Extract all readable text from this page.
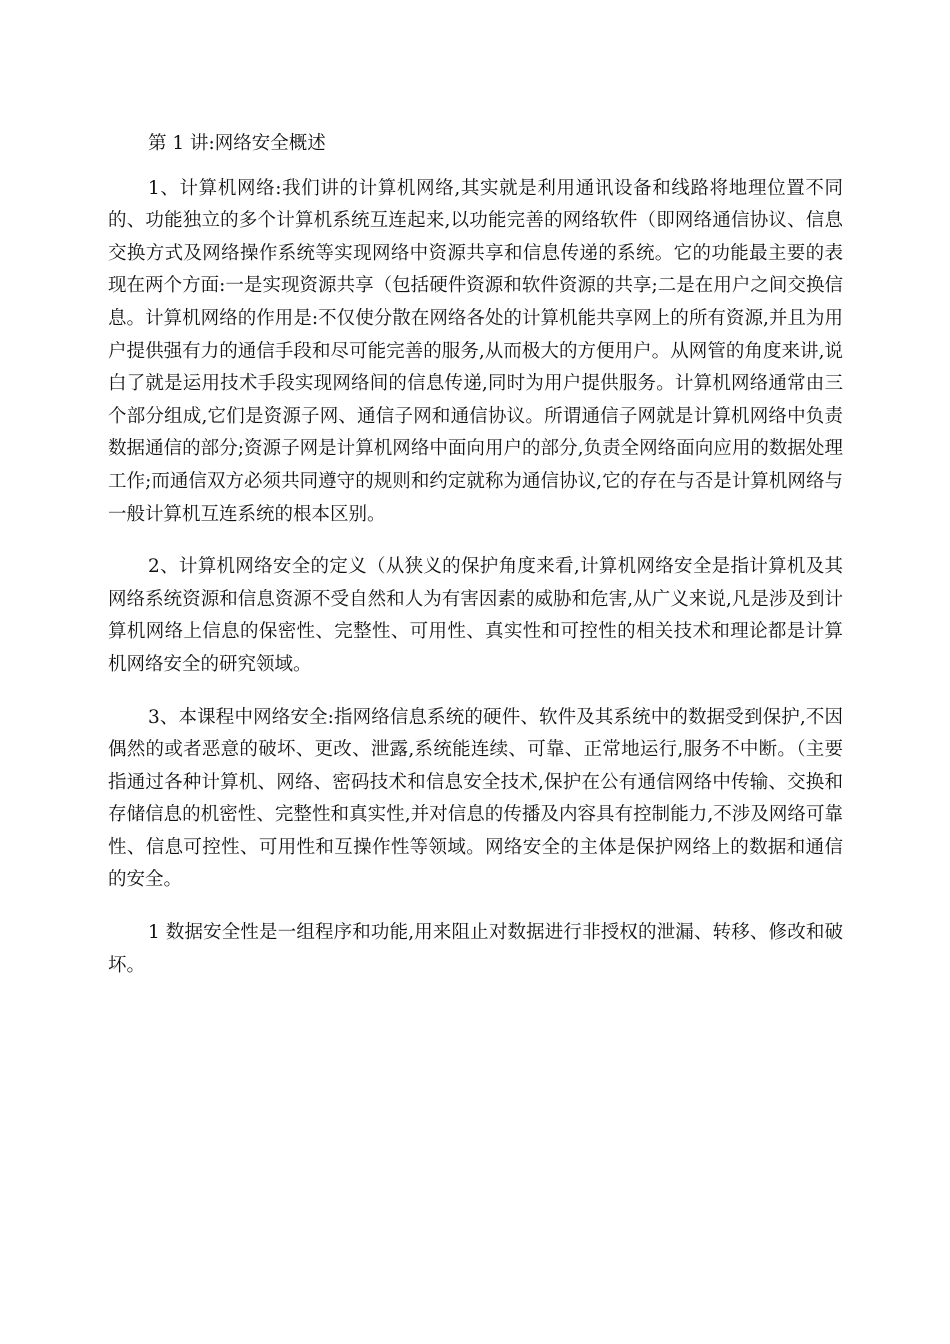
第 1 讲:网络安全概述

1、计算机网络:我们讲的计算机网络,其实就是利用通讯设备和线路将地理位置不同的、功能独立的多个计算机系统互连起来,以功能完善的网络软件（即网络通信协议、信息交换方式及网络操作系统等实现网络中资源共享和信息传递的系统。它的功能最主要的表现在两个方面:一是实现资源共享（包括硬件资源和软件资源的共享;二是在用户之间交换信息。计算机网络的作用是:不仅使分散在网络各处的计算机能共享网上的所有资源,并且为用户提供强有力的通信手段和尽可能完善的服务,从而极大的方便用户。从网管的角度来讲,说白了就是运用技术手段实现网络间的信息传递,同时为用户提供服务。计算机网络通常由三个部分组成,它们是资源子网、通信子网和通信协议。所谓通信子网就是计算机网络中负责数据通信的部分;资源子网是计算机网络中面向用户的部分,负责全网络面向应用的数据处理工作;而通信双方必须共同遵守的规则和约定就称为通信协议,它的存在与否是计算机网络与一般计算机互连系统的根本区别。

2、计算机网络安全的定义（从狭义的保护角度来看,计算机网络安全是指计算机及其网络系统资源和信息资源不受自然和人为有害因素的威胁和危害,从广义来说,凡是涉及到计算机网络上信息的保密性、完整性、可用性、真实性和可控性的相关技术和理论都是计算机网络安全的研究领域。

3、本课程中网络安全:指网络信息系统的硬件、软件及其系统中的数据受到保护,不因偶然的或者恶意的破坏、更改、泄露,系统能连续、可靠、正常地运行,服务不中断。（主要指通过各种计算机、网络、密码技术和信息安全技术,保护在公有通信网络中传输、交换和存储信息的机密性、完整性和真实性,并对信息的传播及内容具有控制能力,不涉及网络可靠性、信息可控性、可用性和互操作性等领域。网络安全的主体是保护网络上的数据和通信的安全。

1 数据安全性是一组程序和功能,用来阻止对数据进行非授权的泄漏、转移、修改和破坏。
